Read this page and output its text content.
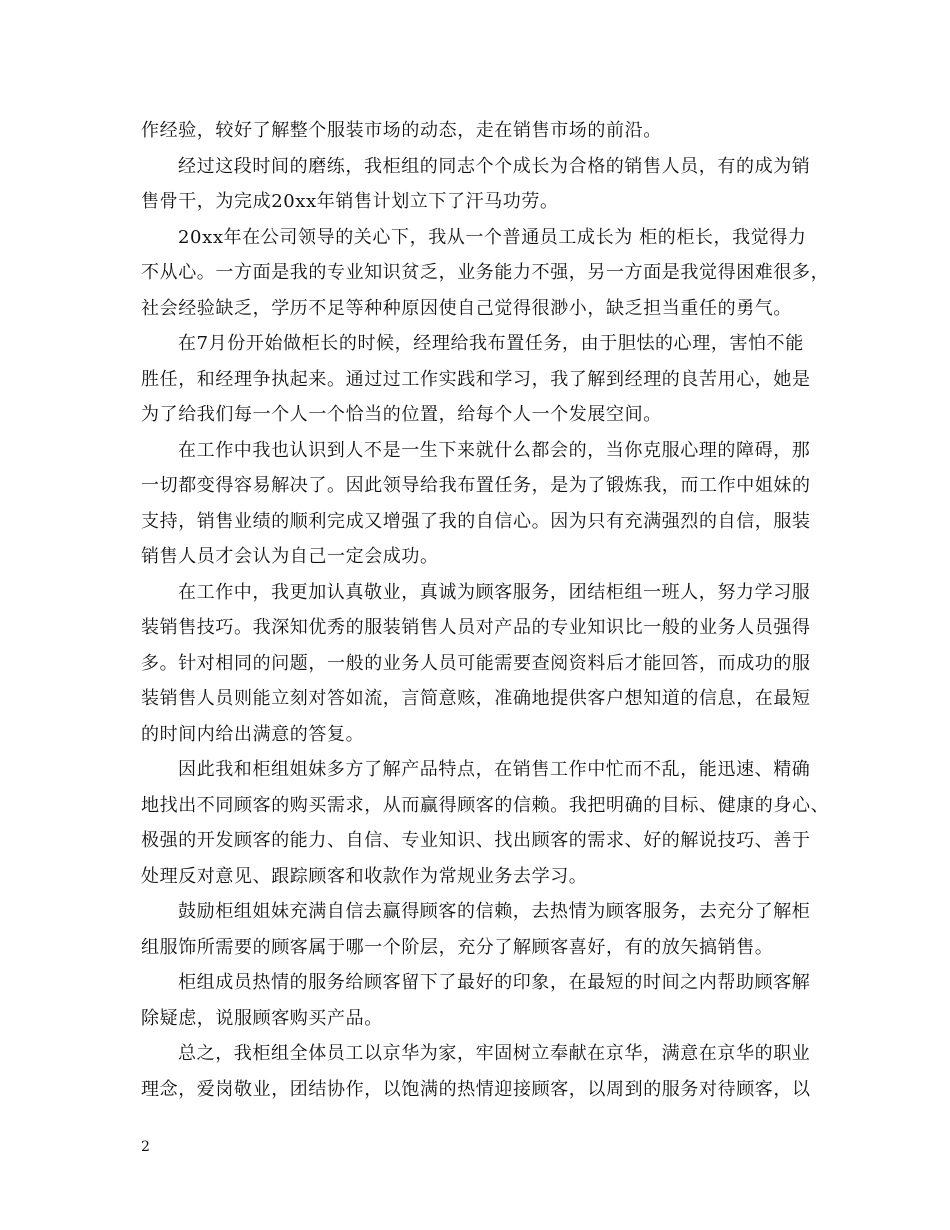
作经验，较好了解整个服装市场的动态，走在销售市场的前沿。
经过这段时间的磨练，我柜组的同志个个成长为合格的销售人员，有的成为销
售骨干，为完成20xx年销售计划立下了汗马功劳。
20xx年在公司领导的关心下，我从一个普通员工成长为 柜的柜长，我觉得力
不从心。一方面是我的专业知识贫乏，业务能力不强，另一方面是我觉得困难很多，
社会经验缺乏，学历不足等种种原因使自己觉得很渺小，缺乏担当重任的勇气。
在7月份开始做柜长的时候，经理给我布置任务，由于胆怯的心理，害怕不能
胜任，和经理争执起来。通过过工作实践和学习，我了解到经理的良苦用心，她是
为了给我们每一个人一个恰当的位置，给每个人一个发展空间。
在工作中我也认识到人不是一生下来就什么都会的，当你克服心理的障碍，那
一切都变得容易解决了。因此领导给我布置任务，是为了锻炼我，而工作中姐妹的
支持，销售业绩的顺利完成又增强了我的自信心。因为只有充满强烈的自信，服装
销售人员才会认为自己一定会成功。
在工作中，我更加认真敬业，真诚为顾客服务，团结柜组一班人，努力学习服
装销售技巧。我深知优秀的服装销售人员对产品的专业知识比一般的业务人员强得
多。针对相同的问题，一般的业务人员可能需要查阅资料后才能回答，而成功的服
装销售人员则能立刻对答如流，言简意赅，准确地提供客户想知道的信息，在最短
的时间内给出满意的答复。
因此我和柜组姐妹多方了解产品特点，在销售工作中忙而不乱，能迅速、精确
地找出不同顾客的购买需求，从而赢得顾客的信赖。我把明确的目标、健康的身心、
极强的开发顾客的能力、自信、专业知识、找出顾客的需求、好的解说技巧、善于
处理反对意见、跟踪顾客和收款作为常规业务去学习。
鼓励柜组姐妹充满自信去赢得顾客的信赖，去热情为顾客服务，去充分了解柜
组服饰所需要的顾客属于哪一个阶层，充分了解顾客喜好，有的放矢搞销售。
柜组成员热情的服务给顾客留下了最好的印象，在最短的时间之内帮助顾客解
除疑虑，说服顾客购买产品。
总之，我柜组全体员工以京华为家，牢固树立奉献在京华，满意在京华的职业
理念，爱岗敬业，团结协作，以饱满的热情迎接顾客，以周到的服务对待顾客，以
2
